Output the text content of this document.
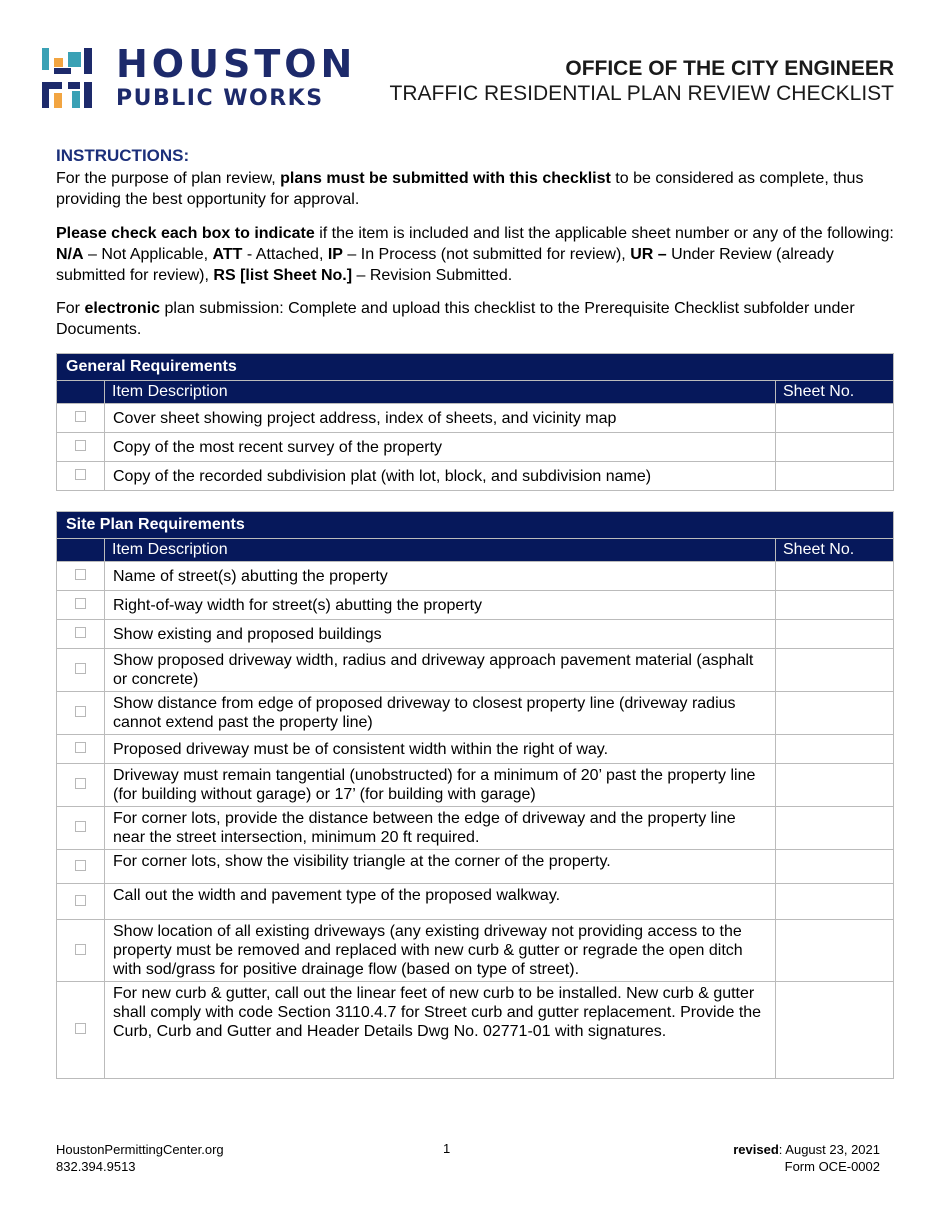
HOUSTON
PUBLIC WORKS
OFFICE OF THE CITY ENGINEER
TRAFFIC RESIDENTIAL PLAN REVIEW CHECKLIST
INSTRUCTIONS:
For the purpose of plan review, plans must be submitted with this checklist to be considered as complete, thus providing the best opportunity for approval.
Please check each box to indicate if the item is included and list the applicable sheet number or any of the following: N/A – Not Applicable, ATT - Attached, IP – In Process (not submitted for review), UR – Under Review (already submitted for review), RS [list Sheet No.] – Revision Submitted.
For electronic plan submission: Complete and upload this checklist to the Prerequisite Checklist subfolder under Documents.
General Requirements		
	Item Description	Sheet No.
	Cover sheet showing project address, index of sheets, and vicinity map	
	Copy of the most recent survey of the property	
	Copy of the recorded subdivision plat (with lot, block, and subdivision name)	
Site Plan Requirements		
	Item Description	Sheet No.
	Name of street(s) abutting the property	
	Right-of-way width for street(s) abutting the property	
	Show existing and proposed buildings	
	Show proposed driveway width, radius and driveway approach pavement material (asphalt or concrete)	
	Show distance from edge of proposed driveway to closest property line (driveway radius cannot extend past the property line)	
	Proposed driveway must be of consistent width within the right of way.	
	Driveway must remain tangential (unobstructed) for a minimum of 20’ past the property line (for building without garage) or 17’ (for building with garage)	
	For corner lots, provide the distance between the edge of driveway and the property line near the street intersection, minimum 20 ft required.	
	For corner lots, show the visibility triangle at the corner of the property.	
	Call out the width and pavement type of the proposed walkway.	
	Show location of all existing driveways (any existing driveway not providing access to the property must be removed and replaced with new curb & gutter or regrade the open ditch with sod/grass for positive drainage flow (based on type of street).	
	For new curb & gutter, call out the linear feet of new curb to be installed. New curb & gutter shall comply with code Section 3110.4.7 for Street curb and gutter replacement. Provide the Curb, Curb and Gutter and Header Details Dwg No. 02771-01 with signatures.	
HoustonPermittingCenter.org
832.394.9513
1	revised: August 23, 2021
Form OCE-0002
